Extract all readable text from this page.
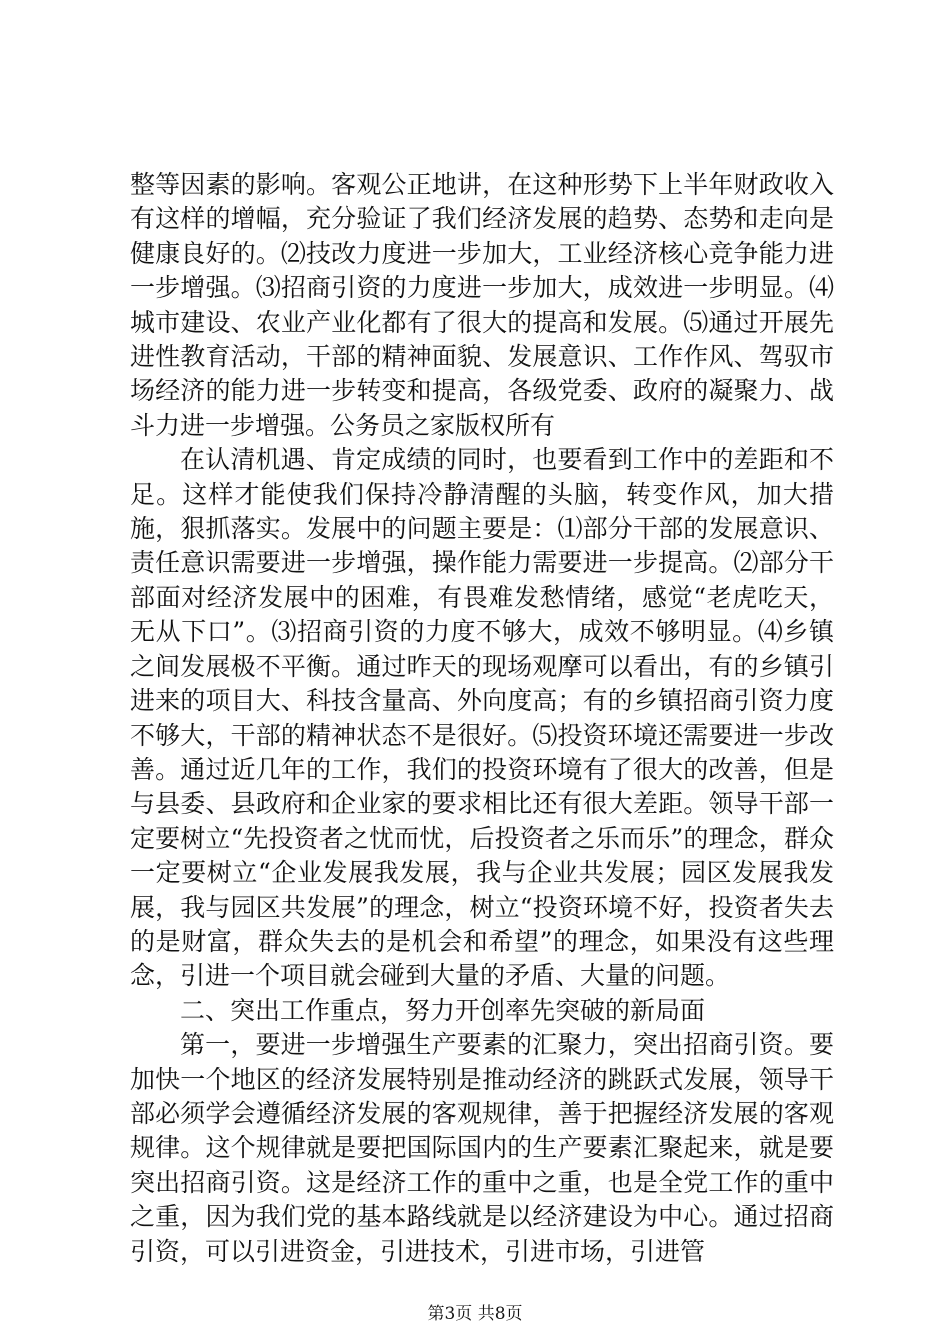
整等因素的影响。客观公正地讲，在这种形势下上半年财政收入有这样的增幅，充分验证了我们经济发展的趋势、态势和走向是健康良好的。⑵技改力度进一步加大，工业经济核心竞争能力进一步增强。⑶招商引资的力度进一步加大，成效进一步明显。⑷城市建设、农业产业化都有了很大的提高和发展。⑸通过开展先进性教育活动，干部的精神面貌、发展意识、工作作风、驾驭市场经济的能力进一步转变和提高，各级党委、政府的凝聚力、战斗力进一步增强。公务员之家版权所有

在认清机遇、肯定成绩的同时，也要看到工作中的差距和不足。这样才能使我们保持冷静清醒的头脑，转变作风，加大措施，狠抓落实。发展中的问题主要是：⑴部分干部的发展意识、责任意识需要进一步增强，操作能力需要进一步提高。⑵部分干部面对经济发展中的困难，有畏难发愁情绪，感觉“老虎吃天，无从下口”。⑶招商引资的力度不够大，成效不够明显。⑷乡镇之间发展极不平衡。通过昨天的现场观摩可以看出，有的乡镇引进来的项目大、科技含量高、外向度高；有的乡镇招商引资力度不够大，干部的精神状态不是很好。⑸投资环境还需要进一步改善。通过近几年的工作，我们的投资环境有了很大的改善，但是与县委、县政府和企业家的要求相比还有很大差距。领导干部一定要树立“先投资者之忧而忧，后投资者之乐而乐”的理念，群众一定要树立“企业发展我发展，我与企业共发展；园区发展我发展，我与园区共发展”的理念，树立“投资环境不好，投资者失去的是财富，群众失去的是机会和希望”的理念，如果没有这些理念，引进一个项目就会碰到大量的矛盾、大量的问题。

二、突出工作重点，努力开创率先突破的新局面

第一，要进一步增强生产要素的汇聚力，突出招商引资。要加快一个地区的经济发展特别是推动经济的跳跃式发展，领导干部必须学会遵循经济发展的客观规律，善于把握经济发展的客观规律。这个规律就是要把国际国内的生产要素汇聚起来，就是要突出招商引资。这是经济工作的重中之重，也是全党工作的重中之重，因为我们党的基本路线就是以经济建设为中心。通过招商引资，可以引进资金，引进技术，引进市场，引进管

第3页 共8页
